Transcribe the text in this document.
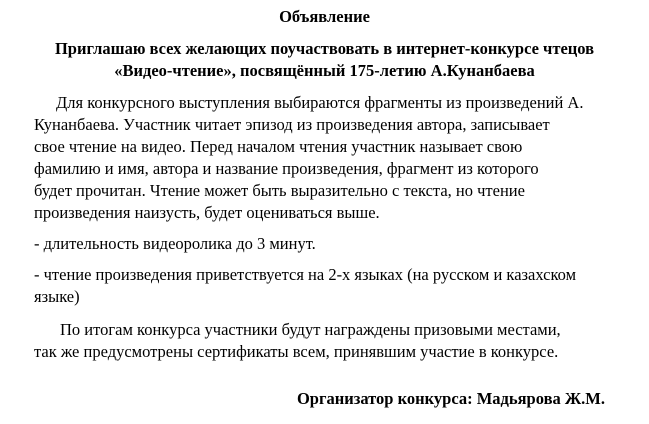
Объявление

Приглашаю всех желающих поучаствовать в интернет-конкурсе чтецов
«Видео-чтение», посвящённый 175-летию А.Кунанбаева

Для конкурсного выступления выбираются фрагменты из произведений А.
Кунанбаева. Участник читает эпизод из произведения автора, записывает
свое чтение на видео. Перед началом чтения участник называет свою
фамилию и имя, автора и название произведения, фрагмент из которого
будет прочитан. Чтение может быть выразительно с текста, но чтение
произведения наизусть, будет оцениваться выше.

- длительность видеоролика до 3 минут.

- чтение произведения приветствуется на 2-х языках (на русском и казахском
языке)

По итогам конкурса участники будут награждены призовыми местами,
так же предусмотрены сертификаты всем, принявшим участие в конкурсе.

Организатор конкурса: Мадьярова Ж.М.
